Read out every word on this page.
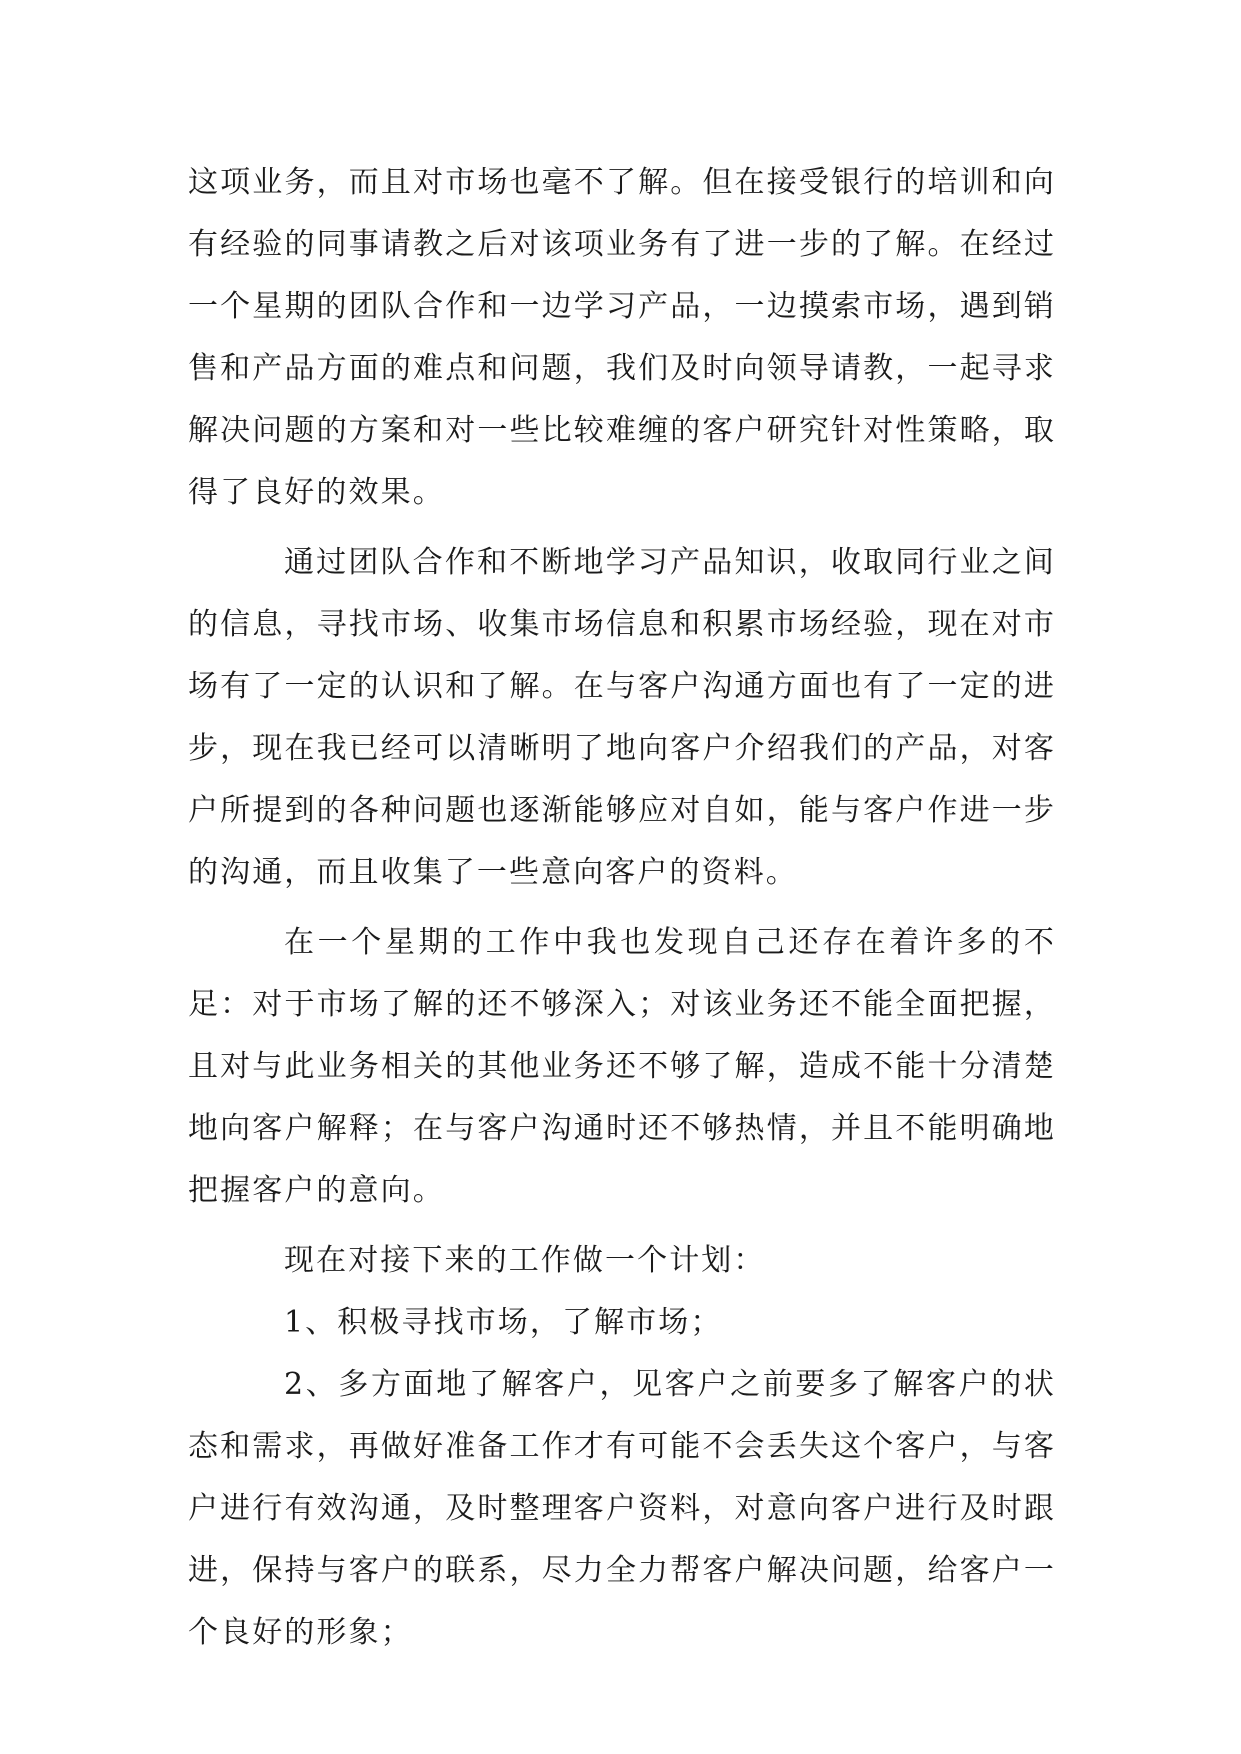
这项业务，而且对市场也毫不了解。但在接受银行的培训和向有经验的同事请教之后对该项业务有了进一步的了解。在经过一个星期的团队合作和一边学习产品，一边摸索市场，遇到销售和产品方面的难点和问题，我们及时向领导请教，一起寻求解决问题的方案和对一些比较难缠的客户研究针对性策略，取得了良好的效果。

通过团队合作和不断地学习产品知识，收取同行业之间的信息，寻找市场、收集市场信息和积累市场经验，现在对市场有了一定的认识和了解。在与客户沟通方面也有了一定的进步，现在我已经可以清晰明了地向客户介绍我们的产品，对客户所提到的各种问题也逐渐能够应对自如，能与客户作进一步的沟通，而且收集了一些意向客户的资料。

在一个星期的工作中我也发现自己还存在着许多的不足：对于市场了解的还不够深入；对该业务还不能全面把握，且对与此业务相关的其他业务还不够了解，造成不能十分清楚地向客户解释；在与客户沟通时还不够热情，并且不能明确地把握客户的意向。

现在对接下来的工作做一个计划：

1、积极寻找市场，了解市场；

2、多方面地了解客户，见客户之前要多了解客户的状态和需求，再做好准备工作才有可能不会丢失这个客户，与客户进行有效沟通，及时整理客户资料，对意向客户进行及时跟进，保持与客户的联系，尽力全力帮客户解决问题，给客户一个良好的形象；
